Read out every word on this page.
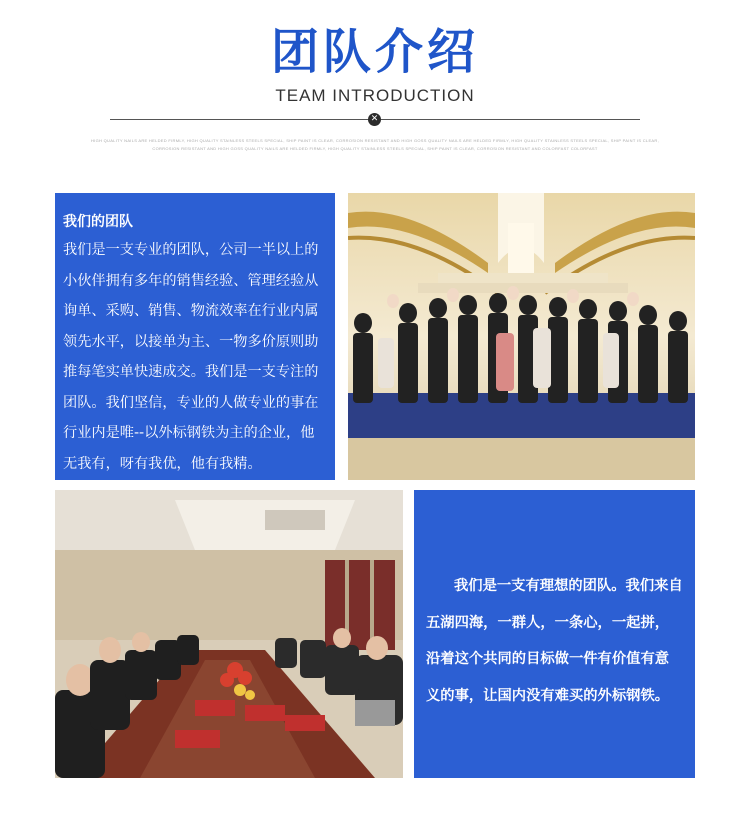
团队介绍
TEAM INTRODUCTION
✕
HIGH QUALITY NAILS ARE HELDED FIRMLY, HIGH QUALITY STAINLESS STEELS SPECIAL, SHIP PAINT IS CLEAR, CORROSION RESISTANT AND HIGH GOSS QUALITY NAILS ARE HELDED FIRMLY, HIGH QUALITY STAINLESS STEELS SPECIAL, SHIP PAINT IS CLEAR, CORROSION RESISTANT AND HIGH GOSS QUALITY NAILS ARE HELDED FIRMLY, HIGH QUALITY STAINLESS STEELS SPECIAL, SHIP PAINT IS CLEAR, CORROSION RESISTANT AND COLORFAST COLORFAST
我们的团队
我们是一支专业的团队，公司一半以上的小伙伴拥有多年的销售经验、管理经验从询单、采购、销售、物流效率在行业内属领先水平，以接单为主、一物多价原则助推每笔实单快速成交。我们是一支专注的团队。我们坚信，专业的人做专业的事在行业内是唯--以外标钢铁为主的企业，他无我有，呀有我优，他有我精。
我们是一支有理想的团队。我们来自五湖四海，一群人，一条心，一起拼，沿着这个共同的目标做一件有价值有意义的事，让国内没有难买的外标钢铁。
